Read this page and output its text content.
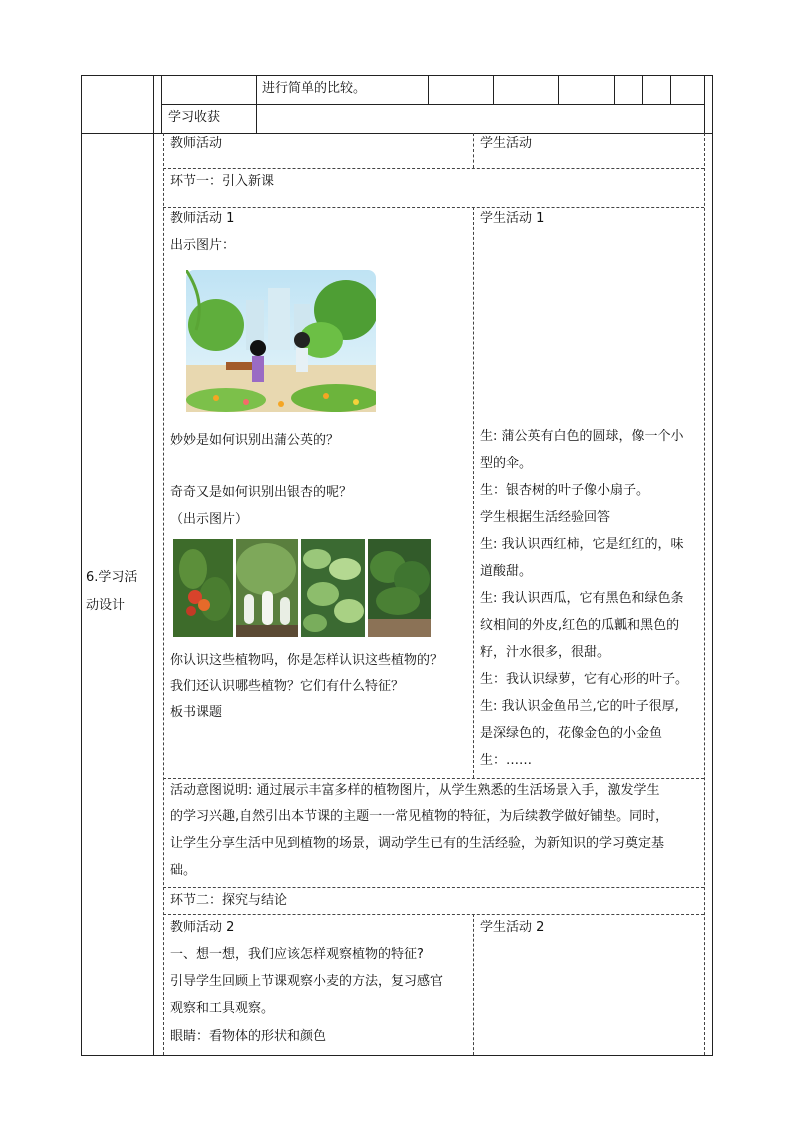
进行简单的比较。
学习收获
6.学习活动设计
教师活动	学生活动
环节一：引入新课
教师活动 1
出示图片：
妙妙是如何识别出蒲公英的？
奇奇又是如何识别出银杏的呢？
（出示图片）
你认识这些植物吗，你是怎样认识这些植物的？
我们还认识哪些植物？它们有什么特征？
板书课题
学生活动 1
生: 蒲公英有白色的圆球，像一个小
型的伞。
生：银杏树的叶子像小扇子。
学生根据生活经验回答
生: 我认识西红柿，它是红红的，味
道酸甜。
生: 我认识西瓜，它有黑色和绿色条
纹相间的外皮,红色的瓜瓤和黑色的
籽，汁水很多，很甜。
生：我认识绿萝，它有心形的叶子。
生: 我认识金鱼吊兰,它的叶子很厚,
是深绿色的，花像金色的小金鱼
生：……
活动意图说明: 通过展示丰富多样的植物图片，从学生熟悉的生活场景入手，激发学生
的学习兴趣,自然引出本节课的主题一一常见植物的特征，为后续教学做好铺垫。同时，
让学生分享生活中见到植物的场景，调动学生已有的生活经验，为新知识的学习奠定基
础。
环节二：探究与结论
教师活动 2
一、想一想，我们应该怎样观察植物的特征?
引导学生回顾上节课观察小麦的方法，复习感官
观察和工具观察。
眼睛：看物体的形状和颜色
学生活动 2
